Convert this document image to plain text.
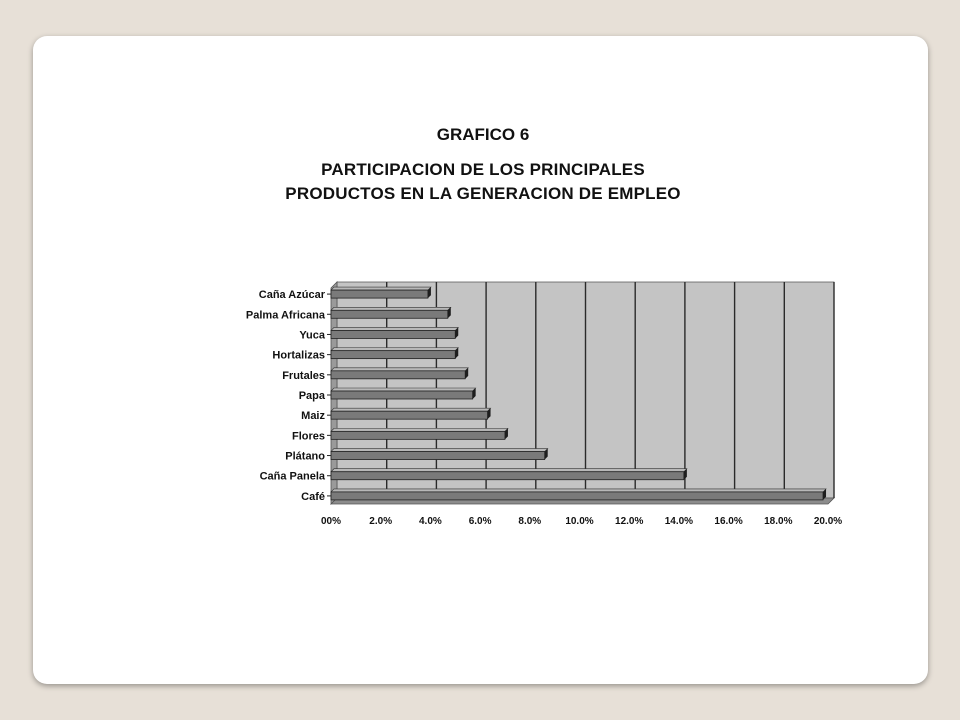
GRAFICO 6
PARTICIPACION DE LOS PRINCIPALES
PRODUCTOS EN LA GENERACION DE EMPLEO
Caña Azúcar
Palma Africana
Yuca
Hortalizas
Frutales
Papa
Maiz
Flores
Plátano
Caña Panela
Café
00%	2.0%	4.0%	6.0%	8.0% 10.0% 12.0% 14.0% 16.0% 18.0% 20.0%
